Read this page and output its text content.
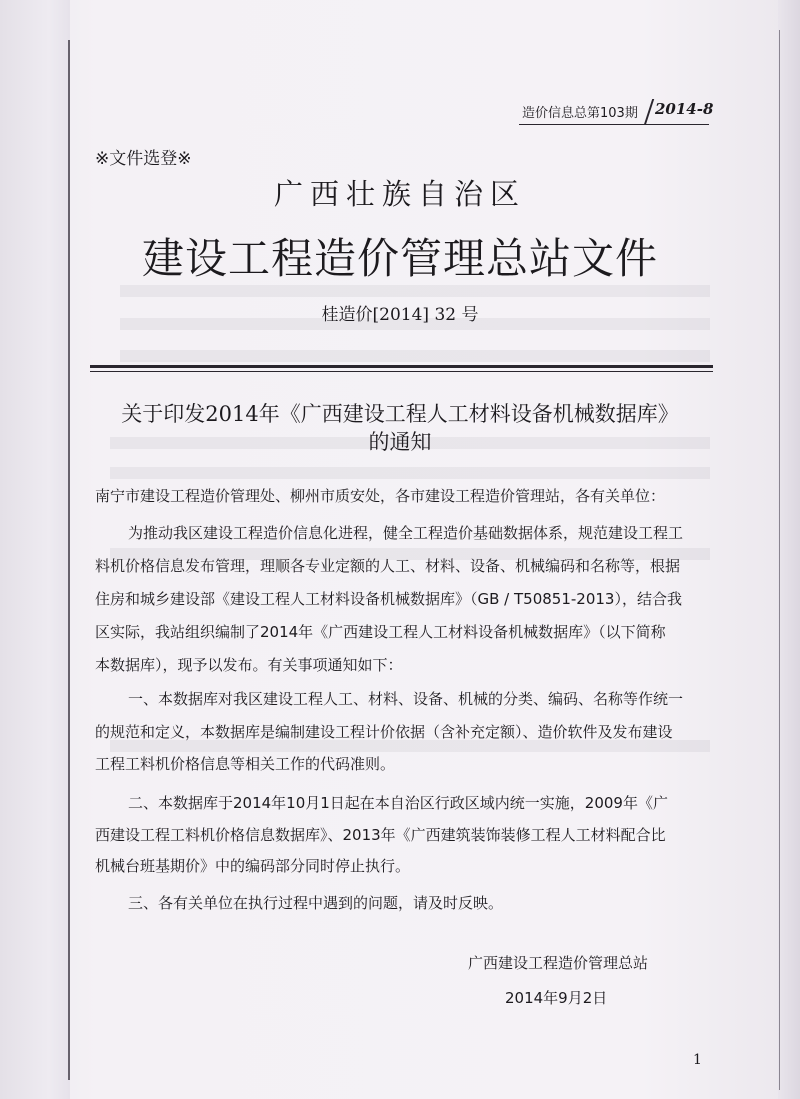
造价信息总第103期 2014-8
※文件选登※
广西壮族自治区
建设工程造价管理总站文件
桂造价[2014] 32 号
关于印发2014年《广西建设工程人工材料设备机械数据库》
的通知
南宁市建设工程造价管理处、柳州市质安处，各市建设工程造价管理站，各有关单位：
为推动我区建设工程造价信息化进程，健全工程造价基础数据体系，规范建设工程工
料机价格信息发布管理，理顺各专业定额的人工、材料、设备、机械编码和名称等，根据
住房和城乡建设部《建设工程人工材料设备机械数据库》（GB / T50851-2013），结合我
区实际，我站组织编制了2014年《广西建设工程人工材料设备机械数据库》（以下简称
本数据库），现予以发布。有关事项通知如下：
一、本数据库对我区建设工程人工、材料、设备、机械的分类、编码、名称等作统一
的规范和定义，本数据库是编制建设工程计价依据（含补充定额）、造价软件及发布建设
工程工料机价格信息等相关工作的代码准则。
二、本数据库于2014年10月1日起在本自治区行政区域内统一实施，2009年《广
西建设工程工料机价格信息数据库》、2013年《广西建筑装饰装修工程人工材料配合比
机械台班基期价》中的编码部分同时停止执行。
三、各有关单位在执行过程中遇到的问题，请及时反映。
广西建设工程造价管理总站
2014年9月2日
1
